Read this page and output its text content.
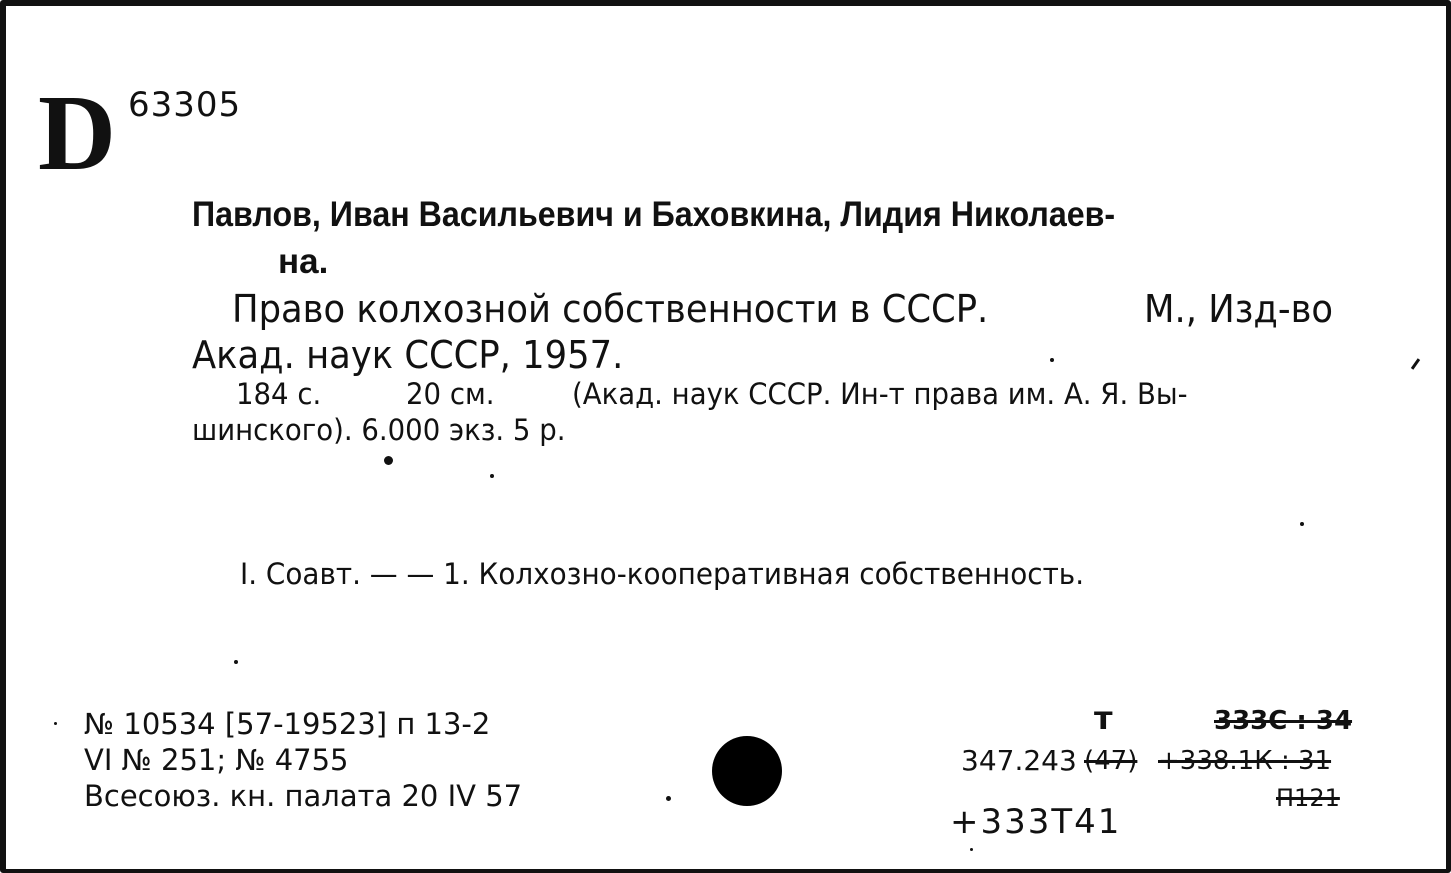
D 63305
Павлов, Иван Васильевич и Баховкина, Лидия Николаев-
на.
Право колхозной собственности в СССР.	М., Изд-во
Акад. наук СССР, 1957.
184 с.	20 см.	(Акад. наук СССР. Ин-т права им. А. Я. Вы-
шинского). 6.000 экз. 5 р.
I. Соавт. — — 1. Колхозно-кооперативная собственность.
№ 10534 [57-19523] п 13-2
VI № 251; № 4755
Всесоюз. кн. палата 20 IV 57
т	333С : 34
347.243 (47) +338.1К : 31
П121
+333Т41
